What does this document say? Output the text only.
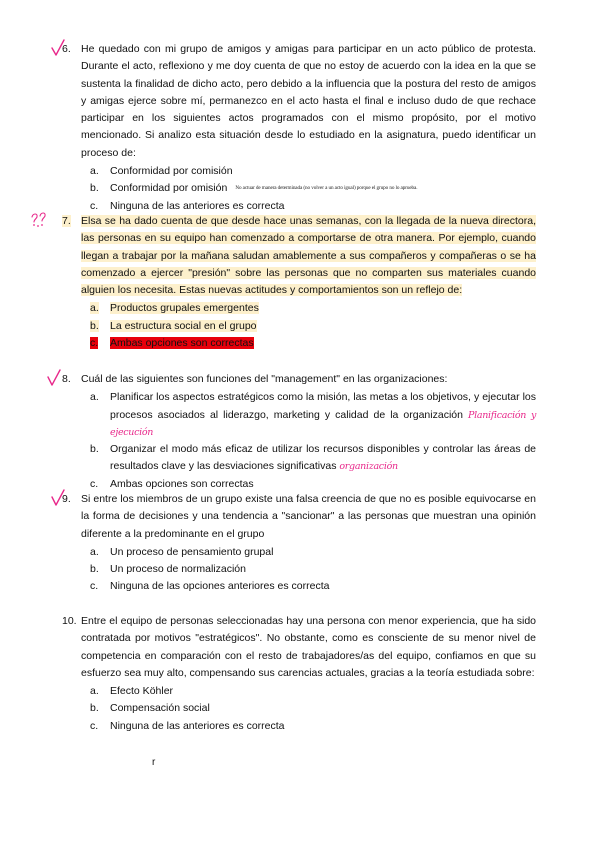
6. He quedado con mi grupo de amigos y amigas para participar en un acto público de protesta. Durante el acto, reflexiono y me doy cuenta de que no estoy de acuerdo con la idea en la que se sustenta la finalidad de dicho acto, pero debido a la influencia que la postura del resto de amigos y amigas ejerce sobre mí, permanezco en el acto hasta el final e incluso dudo de que rechace participar en los siguientes actos programados con el mismo propósito, por el motivo mencionado. Si analizo esta situación desde lo estudiado en la asignatura, puedo identificar un proceso de:
a.	Conformidad por comisión
b.	Conformidad por omisión No actuar de manera determinada (no volver a un acto igual) porque el grupo no lo aprueba.
c.	Ninguna de las anteriores es correcta
7. Elsa se ha dado cuenta de que desde hace unas semanas, con la llegada de la nueva directora, las personas en su equipo han comenzado a comportarse de otra manera. Por ejemplo, cuando llegan a trabajar por la mañana saludan amablemente a sus compañeros y compañeras o se ha comenzado a ejercer "presión" sobre las personas que no comparten sus materiales cuando alguien los necesita. Estas nuevas actitudes y comportamientos son un reflejo de:
a.	Productos grupales emergentes
b.	La estructura social en el grupo
c.	Ambas opciones son correctas
8. Cuál de las siguientes son funciones del "management" en las organizaciones:
a.	Planificar los aspectos estratégicos como la misión, las metas a los objetivos, y ejecutar los procesos asociados al liderazgo, marketing y calidad de la organización Planificación y ejecución
b.	Organizar el modo más eficaz de utilizar los recursos disponibles y controlar las áreas de resultados clave y las desviaciones significativas organización
c.	Ambas opciones son correctas
9. Si entre los miembros de un grupo existe una falsa creencia de que no es posible equivocarse en la forma de decisiones y una tendencia a "sancionar" a las personas que muestran una opinión diferente a la predominante en el grupo
a.	Un proceso de pensamiento grupal
b.	Un proceso de normalización
c.	Ninguna de las opciones anteriores es correcta
10. Entre el equipo de personas seleccionadas hay una persona con menor experiencia, que ha sido contratada por motivos "estratégicos". No obstante, como es consciente de su menor nivel de competencia en comparación con el resto de trabajadores/as del equipo, confiamos en que su esfuerzo sea muy alto, compensando sus carencias actuales, gracias a la teoría estudiada sobre:
a.	Efecto Köhler
b.	Compensación social
c.	Ninguna de las anteriores es correcta
r
